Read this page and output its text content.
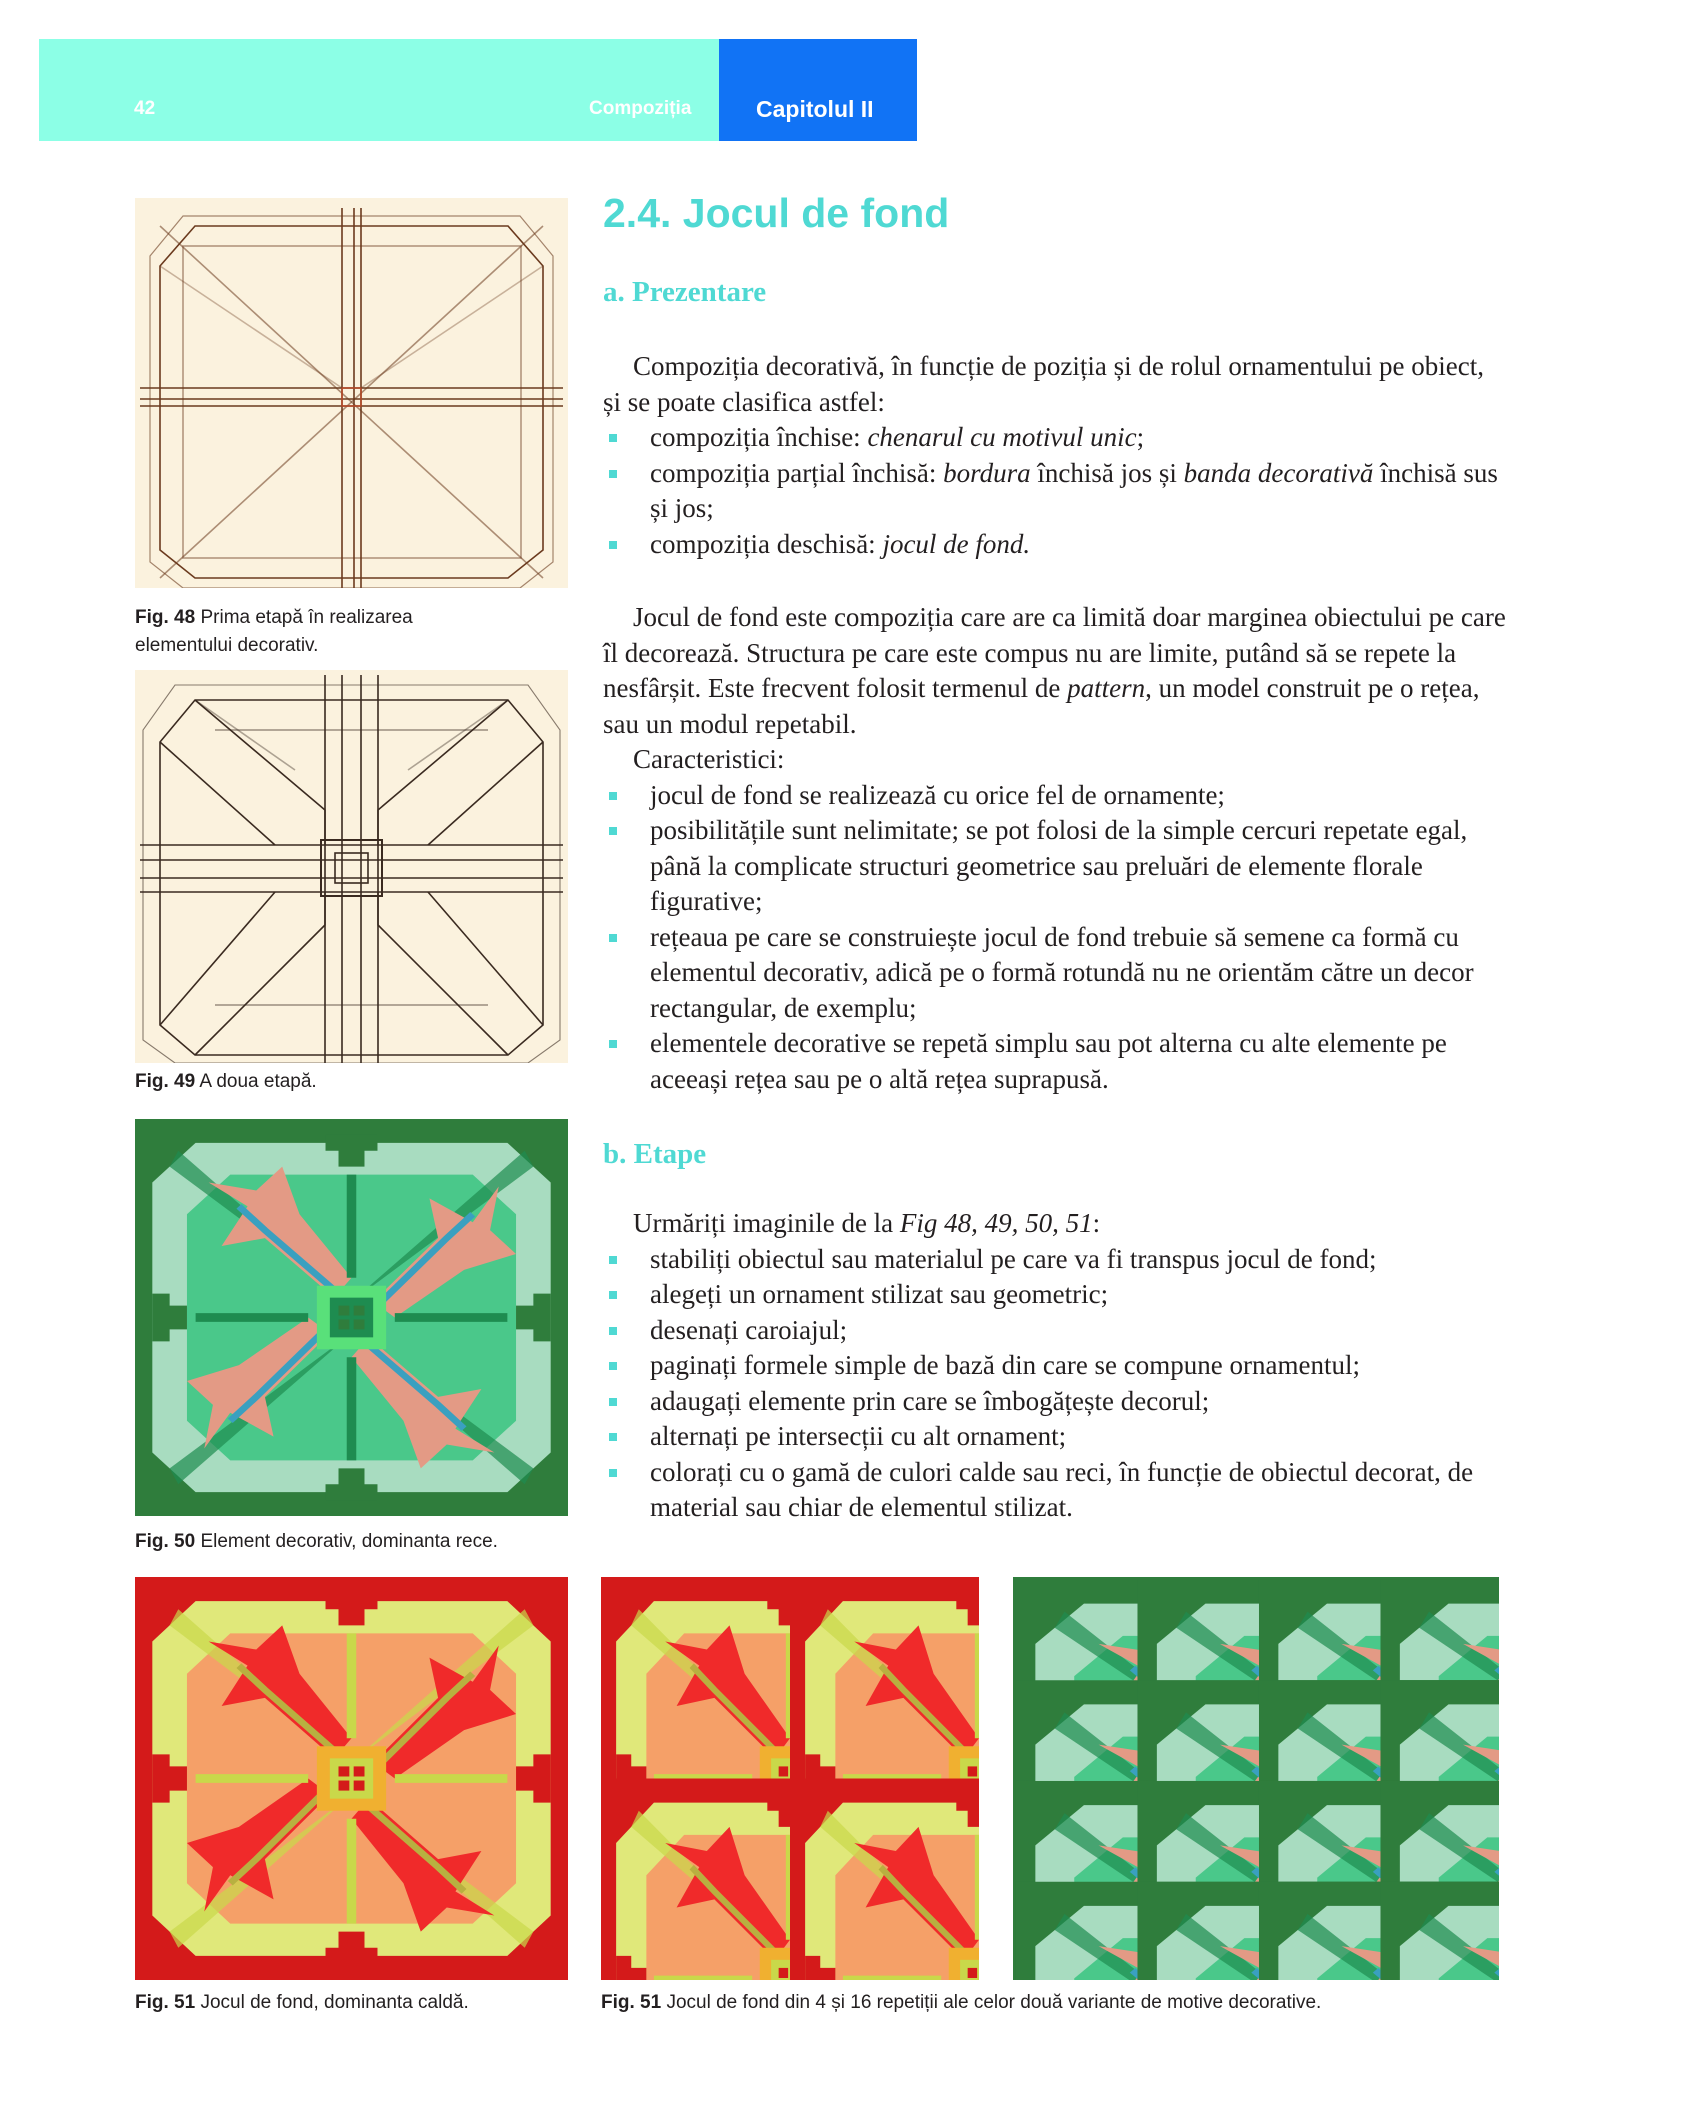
42	Compoziția	Capitolul II
Fig. 48 Prima etapă în realizarea
elementului decorativ.
Fig. 49 A doua etapă.
Fig. 50 Element decorativ, dominanta rece.
Fig. 51 Jocul de fond, dominanta caldă.	Fig. 51 Jocul de fond din 4 și 16 repetiții ale celor două variante de motive decorative.
2.4. Jocul de fond
a. Prezentare

Compoziția decorativă, în funcție de poziția și de rolul ornamentului pe obiect, și se poate clasifica astfel:

compoziția închise: chenarul cu motivul unic;
compoziția parțial închisă: bordura închisă jos și banda decorativă închisă sus și jos;
compoziția deschisă: jocul de fond.

Jocul de fond este compoziția care are ca limită doar marginea obiectului pe care îl decorează. Structura pe care este compus nu are limite, putând să se repete la nesfârșit. Este frecvent folosit termenul de pattern, un model construit pe o rețea, sau un modul repetabil.

Caracteristici:

jocul de fond se realizează cu orice fel de ornamente;
posibilitățile sunt nelimitate; se pot folosi de la simple cercuri repetate egal, până la complicate structuri geometrice sau preluări de elemente florale figurative;
rețeaua pe care se construiește jocul de fond trebuie să semene ca formă cu elementul decorativ, adică pe o formă rotundă nu ne orientăm către un decor rectangular, de exemplu;
elementele decorative se repetă simplu sau pot alterna cu alte elemente pe aceeași rețea sau pe o altă rețea suprapusă.
b. Etape

Urmăriți imaginile de la Fig 48, 49, 50, 51:

stabiliți obiectul sau materialul pe care va fi transpus jocul de fond;
alegeți un ornament stilizat sau geometric;
desenați caroiajul;
paginați formele simple de bază din care se compune ornamentul;
adaugați elemente prin care se îmbogățește decorul;
alternați pe intersecții cu alt ornament;
colorați cu o gamă de culori calde sau reci, în funcție de obiectul decorat, de material sau chiar de elementul stilizat.
